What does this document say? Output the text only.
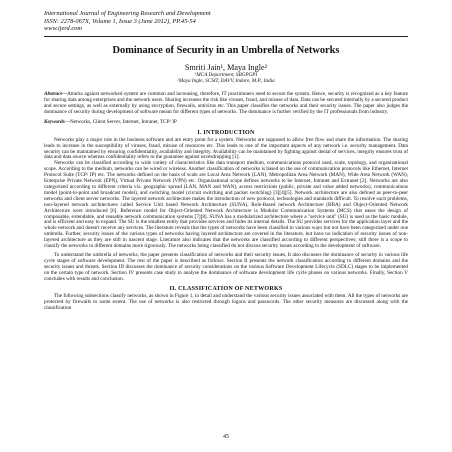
International Journal of Engineering Research and Development
ISSN: 2278-067X, Volume 1, Issue 3 (June 2012), PP.45-54
www.ijerd.com
Dominance of Security in an Umbrella of Networks
Smriti Jain¹, Maya Ingle²
¹MCA Department, SBGPGPI
²Maya Ingle, SCSIT, DAVV, Indore, M.P., India

Abstract—Attacks against networked system are common and increasing, therefore, IT practitioners need to secure the system. Hence, security is recognized as a key feature for sharing data among enterprises and the network users. Sharing increases the risk like viruses, fraud, and misuse of data. Data can be secured internally by a secured product and secure settings, as well as externally by using encryption, firewalls, antivirus etc. This paper classifies the networks and their security issues. The paper also judges the dominance of security during development of software meant for different types of networks. The dominance is further verified by the IT professionals from industry.

Keywords—Networks, Client Server, Internet, Intranet, TCP/ IP

I. INTRODUCTION

Networks play a major role in the business software and are entry point for a system. Networks are supposed to allow free flow and share the information. The sharing leads to increase in the susceptibility of viruses, fraud, misuse of resources etc. This leads to one of the important aspects of any network i.e. security management. Data security can be maintained by ensuring confidentiality, availability and integrity. Availability can be maintained by fighting against denial of services, integrity ensures trust of data and data source whereas confidentiality refers to the guarantee against eavesdropping [1].

Networks can be classified according to wide variety of characteristics like data transport medium, communications protocol used, scale, topology, and organizational scope. According to the medium, networks can be wired or wireless. Another classification of networks is based on the use of communication protocols like Ethernet, Internet Protocol Suite (TCP/ IP) etc. The networks defined on the basis of scale are Local Area Network (LAN), Metropolitan Area Network (MAN), Wide Area Network (WAN), Enterprise Private Network (EPN), Virtual Private Network (VPN) etc. Organizational scope defines networks to be Internet, Intranet and Extranet [2]. Networks are also categorized according to different criteria viz. geographic spread (LAN, MAN and WAN), access restrictions (public, private and value added networks), communications model (point-to-point and broadcast model), and switching model (circuit switching and packet switching) [3][4][5]. Network architecture are also defined as peer-to-peer networks and client server networks. The layered network architecture makes the introduction of new protocol, technologies and standards difficult. To resolve such problems, non-layered network architectures called Service Unit based Network Architecture (SUNA), Role-Based network Architecture (RBA) and Object-Oriented Network Architecture were introduced [6]. Reference model for Object-Oriented Network Architecture is Modular Communication Systems (MCS) that eases the design of composable, extendable, and reusable network communication systems [7][8]. SUNA has a modularized architecture where a "service unit" (SU) is used as the basic module, and is efficient and easy to expand. The SU is the smallest entity that provides services and hides its internal details. The SU provides services for the application layer and the whole network and doesn't receive any services. The literature reveals that the types of networks have been classified in various ways but not have been categorized under one umbrella. Further, security issues of the various types of networks having layered architecture are covered in the literature, but have no indication of security issues of non-layered architecture as they are still in nascent stage. Literature also indicates that the networks are classified according to different perspectives; still there is a scope to classify the networks in different domains more rigorously. The networks being classified do not discuss security issues according to the development of software.

To understand the umbrella of networks, the paper presents classification of networks and their security issues. It also discusses the dominance of security in various life cycle stages of software development. The rest of the paper is described as follows. Section II presents the network classification according to different domains and the security issues and threats. Section III discusses the dominance of security considerations on the various Software Development Lifecycle (SDLC) stages to be implemented on the certain type of network. Section IV presents case study to analyse the dominance of software development life cycle phases on various networks. Finally, Section V concludes with results and conclusion.

II. CLASSIFICATION OF NETWORKS

The following subsections classify networks, as shown in Figure 1, in detail and understand the various security issues associated with them. All the types of networks are protected by firewalls to some extent. The use of networks is also restricted through logons and passwords. The other security measures are discussed along with the classification

45
